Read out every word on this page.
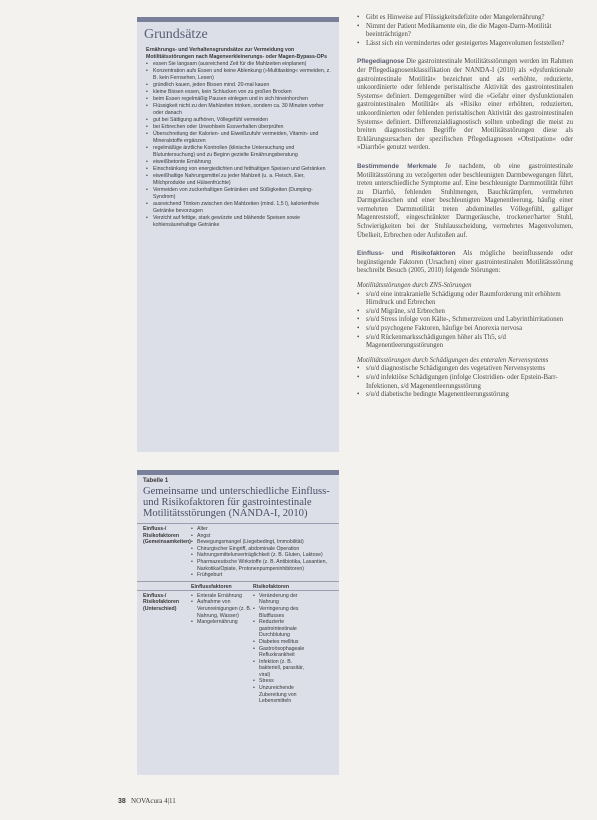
Grundsätze
Ernährungs- und Verhaltensgrundsätze zur Vermeidung von Motilitätsstörungen nach Magenverkleinerungs- oder Magen-Bypass-OPs
• essen Sie langsam (ausreichend Zeit für die Mahlzeiten einplanen)
• Konzentration aufs Essen und keine Ablenkung (»Multitasking« vermeiden, z. B. kein Fernsehen, Lesen)
• gründlich kauen, jeden Bissen mind. 20-mal kauen
• kleine Bissen essen, kein Schlucken von zu großen Brocken
• beim Essen regelmäßig Pausen einlegen und in sich hineinhorchen
• Flüssigkeit nicht zu den Mahlzeiten trinken, sondern ca. 30 Minuten vorher oder danach
• gut bei Sättigung aufhören, Völlegefühl vermeiden
• bei Erbrechen oder Unwohlsein Essverhalten überprüfen
• Überschreitung der Kalorien- und Eiweißzufuhr vermeiden, Vitamin- und Mineralstoffe ergänzen
• regelmäßige ärztliche Kontrollen (klinische Untersuchung und Blutuntersuchung) und zu Beginn gezielte Ernährungsberatung
• eiweißbetonte Ernährung
• Einschränkung von energiedichten und fetthaltigen Speisen und Getränken
• eiweißhaltige Nahrungsmittel zu jeder Mahlzeit (u. a. Fleisch, Eier, Milchprodukte und Hülsenfrüchte)
• Vermeiden von zuckerhaltigen Getränken und Süßigkeiten (Dumping-Syndrom)
• ausreichend Trinken zwischen den Mahlzeiten (mind. 1,5 l), kalorienfreie Getränke bevorzugen
• Verzicht auf fettige, stark gewürzte und blähende Speisen sowie kohlensäurehaltige Getränke
Tabelle 1
Gemeinsame und unterschiedliche Einfluss- und Risikofaktoren für gastrointestinale Motilitätsstörungen (NANDA-I, 2010)
Einfluss-/ Risikofaktoren (Gemeinsamkeiten)
• Alter
• Angst
• Bewegungsmangel (Liegebedingt, Immobilität)
• Chirurgischer Eingriff, abdominale Operation
• Nahrungsmittelunverträglichkeit (z. B. Gluten, Laktose)
• Pharmazeutische Wirkstoffe (z. B. Antibiotika, Laxantien, Narkotika/Opiate, Protonenpumpeninhibitoren)
• Frühgeburt
Einflussfaktoren	Risikofaktoren
Einfluss-/ Risikofaktoren (Unterschied)
• Enterale Ernährung
• Aufnahme von Verunreinigungen (z. B. Nahrung, Wasser)
• Mangelernährung
• Veränderung der Nahrung
• Verringerung des Blutflusses
• Reduzierte gastrointestinale Durchblutung
• Diabetes mellitus
• Gastroösophageale Refluxkrankheit
• Infektion (z. B. bakteriell, parasitär, viral)
• Stress
• Unzureichende Zubereitung von Lebensmitteln
• Gibt es Hinweise auf Flüssigkeitsdefizite oder Mangelernährung?
• Nimmt der Patient Medikamente ein, die die Magen-Darm-Motilität beeinträchtigen?
• Lässt sich ein vermindertes oder gesteigertes Magenvolumen feststellen?

Pflegediagnose Die gastrointestinale Motilitätsstörungen werden im Rahmen der Pflegediagnosenklassifikation der NANDA-I (2010) als »dysfunktionale gastrointestinale Motilität« bezeichnet und als »erhöhte, reduzierte, unkoordinierte oder fehlende peristaltische Aktivität des gastrointestinalen Systems« definiert. Demgegenüber wird die »Gefahr einer dysfunktionalen gastrointestinalen Motilität« als »Risiko einer erhöhten, reduzierten, unkoordinierten oder fehlenden peristaltischen Aktivität des gastrointestinalen Systems« definiert. Differenzialdiagnostisch sollten unbedingt die meist zu breiten diagnostischen Begriffe der Motilitätsstörungen diese als Erklärungsursachen der spezifischen Pflegediagnosen »Obstipation« oder »Diarrhö« genutzt werden.

Bestimmende Merkmale Je nachdem, ob eine gastrointestinale Motilitätsstörung zu verzögerten oder beschleunigten Darmbewegungen führt, treten unterschiedliche Symptome auf. Eine beschleunigte Darmmotilität führt zu Diarrhö, fehlenden Stuhlmengen, Bauchkrämpfen, vermehrten Darmgeräuschen und einer beschleunigten Magenentleerung, häufig einer vermehrten Darmmotilität treten abdominelles Völlegefühl, galliger Magenreststoff, eingeschränkter Darmgeräusche, trockener/harter Stuhl, Schwierigkeiten bei der Stuhlausscheidung, vermehrtes Magenvolumen, Übelkeit, Erbrechen oder Aufstoßen auf.

Einfluss- und Risikofaktoren Als mögliche beeinflussende oder begünstigende Faktoren (Ursachen) einer gastrointestinalen Motilitätsstörung beschreibt Besuch (2005, 2010) folgende Störungen:

Motilitätsstörungen durch ZNS-Störungen

• s/u/d eine intrakranielle Schädigung oder Raumforderung mit erhöhtem Hirndruck und Erbrechen
• s/u/d Migräne, s/d Erbrechen
• s/u/d Stress infolge von Kälte-, Schmerzreizen und Labyrinthirritationen
• s/u/d psychogene Faktoren, häufige bei Anorexia nervosa
• s/u/d Rückenmarksschädigungen höher als Th5, s/d Magenentleerungsstörungen

Motilitätsstörungen durch Schädigungen des enteralen Nervensystems

• s/u/d diagnostische Schädigungen des vegetativen Nervensystems
• s/u/d infektiöse Schädigungen (infolge Clostridien- oder Epstein-Barr-Infektionen, s/d Magenentleerungsstörung
• s/u/d diabetische bedingte Magenentleerungsstörung
38 NOVAcura 4|11
